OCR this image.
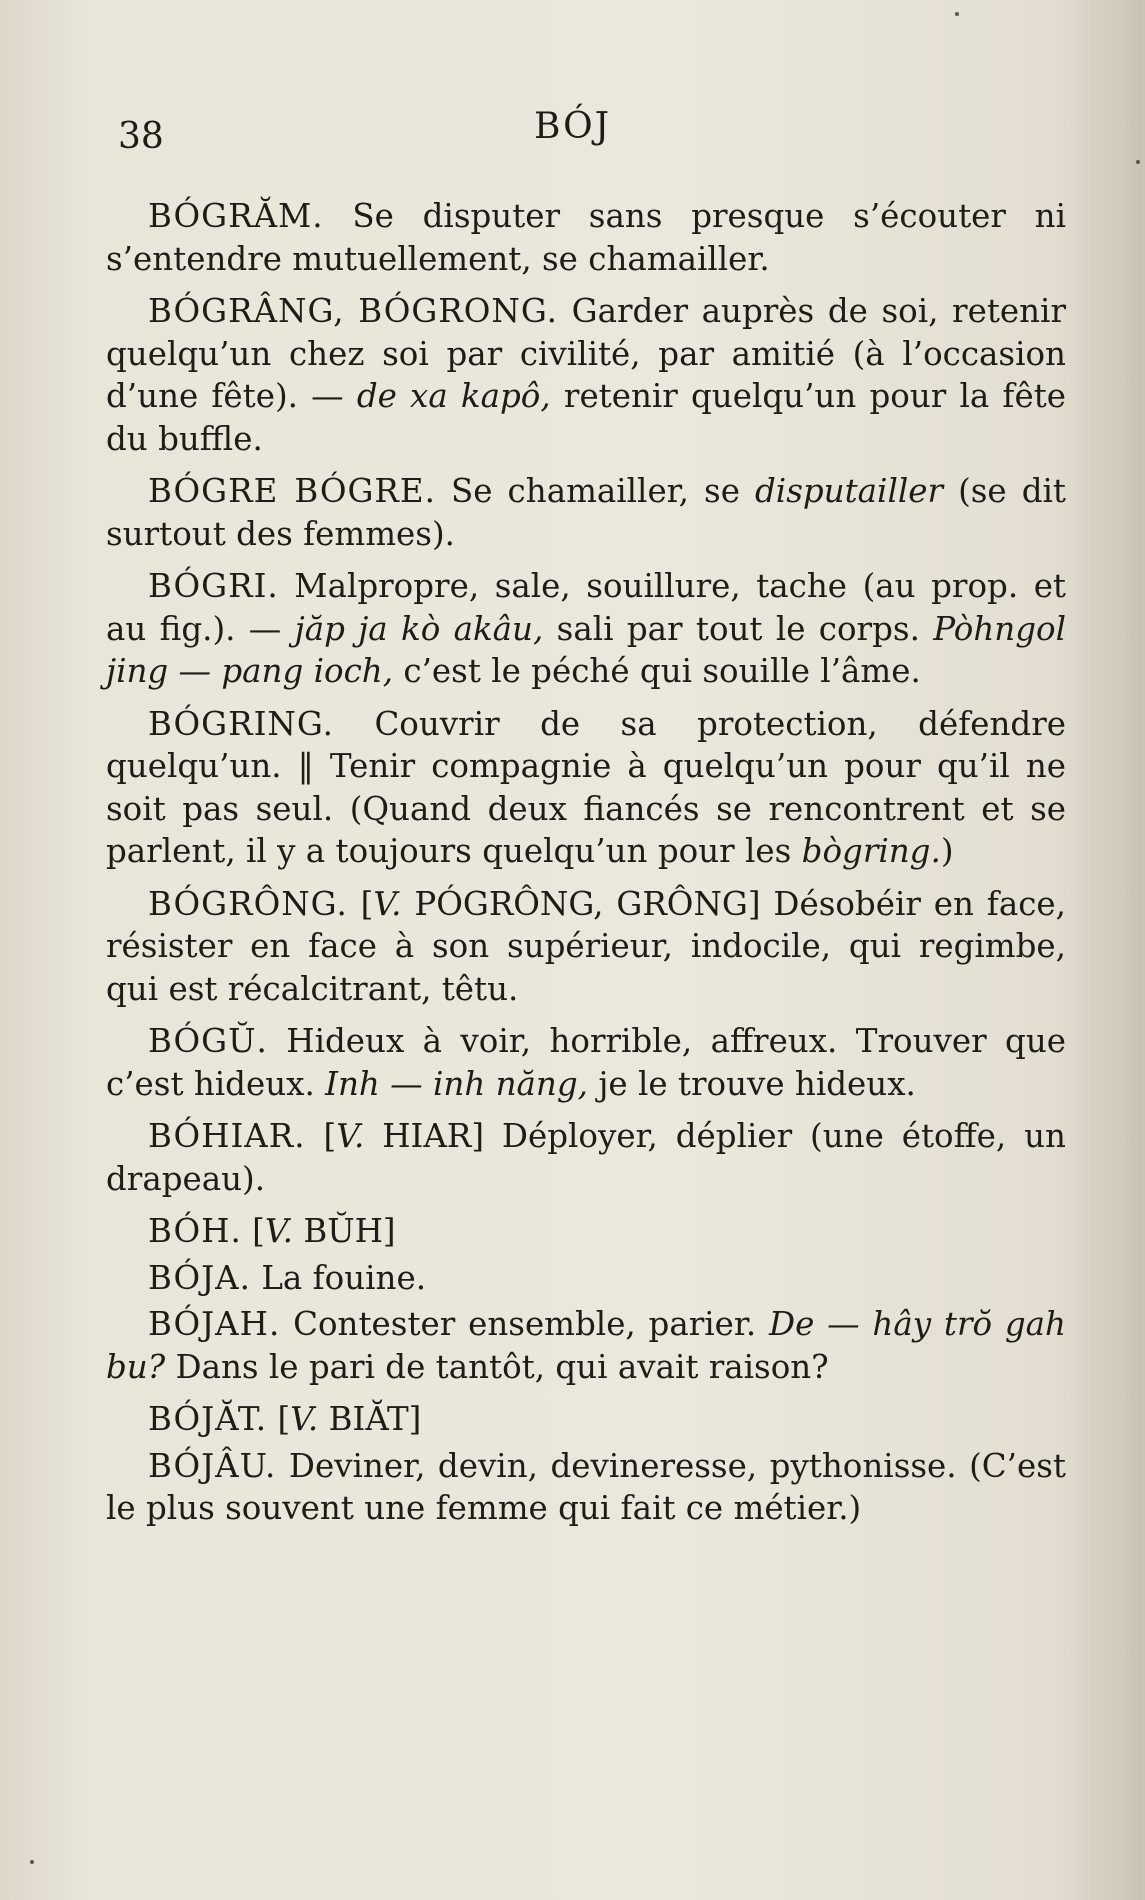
38	BÓJ

BÓGRĂM. Se disputer sans presque s’écouter ni s’entendre mutuellement, se chamailler.

BÓGRÂNG, BÓGRONG. Garder auprès de soi, retenir quelqu’un chez soi par civilité, par amitié (à l’occasion d’une fête). — de xa kapô, retenir quelqu’un pour la fête du buffle.

BÓGRE BÓGRE. Se chamailler, se disputailler (se dit surtout des femmes).

BÓGRI. Malpropre, sale, souillure, tache (au prop. et au fig.). — jăp ja kò akâu, sali par tout le corps. Pòhngol jing — pang ioch, c’est le péché qui souille l’âme.

BÓGRING. Couvrir de sa protection, défendre quelqu’un. ‖ Tenir compagnie à quelqu’un pour qu’il ne soit pas seul. (Quand deux fiancés se rencontrent et se parlent, il y a toujours quelqu’un pour les bògring.)

BÓGRÔNG. [V. PÓGRÔNG, GRÔNG] Désobéir en face, résister en face à son supérieur, indocile, qui regimbe, qui est récalcitrant, têtu.

BÓGŬ. Hideux à voir, horrible, affreux. Trouver que c’est hideux. Inh — inh năng, je le trouve hideux.

BÓHIAR. [V. HIAR] Déployer, déplier (une étoffe, un drapeau).

BÓH. [V. BŬH]

BÓJA. La fouine.

BÓJAH. Contester ensemble, parier. De — hây trŏ gah bu? Dans le pari de tantôt, qui avait raison?

BÓJĂT. [V. BIĂT]

BÓJÂU. Deviner, devin, devineresse, pythonisse. (C’est le plus souvent une femme qui fait ce métier.)
